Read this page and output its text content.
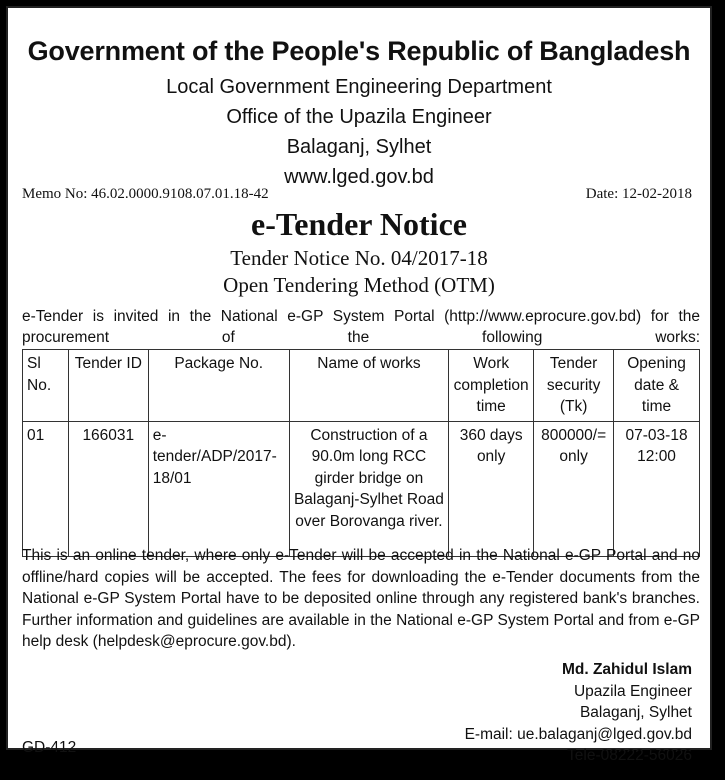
Government of the People's Republic of Bangladesh
Local Government Engineering Department
Office of the Upazila Engineer
Balaganj, Sylhet
www.lged.gov.bd
Memo No: 46.02.0000.9108.07.01.18-42	Date: 12-02-2018
e-Tender Notice
Tender Notice No. 04/2017-18
Open Tendering Method (OTM)
e-Tender is invited in the National e-GP System Portal (http://www.eprocure.gov.bd) for the procurement of the following works:
Sl No.	Tender ID	Package No.	Name of works	Work completion time	Tender security (Tk)	Opening date & time
01	166031	e-tender/ADP/2017-18/01	Construction of a 90.0m long RCC girder bridge on Balaganj-Sylhet Road over Borovanga river.	360 days only	800000/= only	07-03-18 12:00
This is an online tender, where only e-Tender will be accepted in the National e-GP Portal and no offline/hard copies will be accepted. The fees for downloading the e-Tender documents from the National e-GP System Portal have to be deposited online through any registered bank's branches. Further information and guidelines are available in the National e-GP System Portal and from e-GP help desk (helpdesk@eprocure.gov.bd).
Md. Zahidul Islam
Upazila Engineer
Balaganj, Sylhet
E-mail: ue.balaganj@lged.gov.bd
Tele-08222-56026
GD-412
